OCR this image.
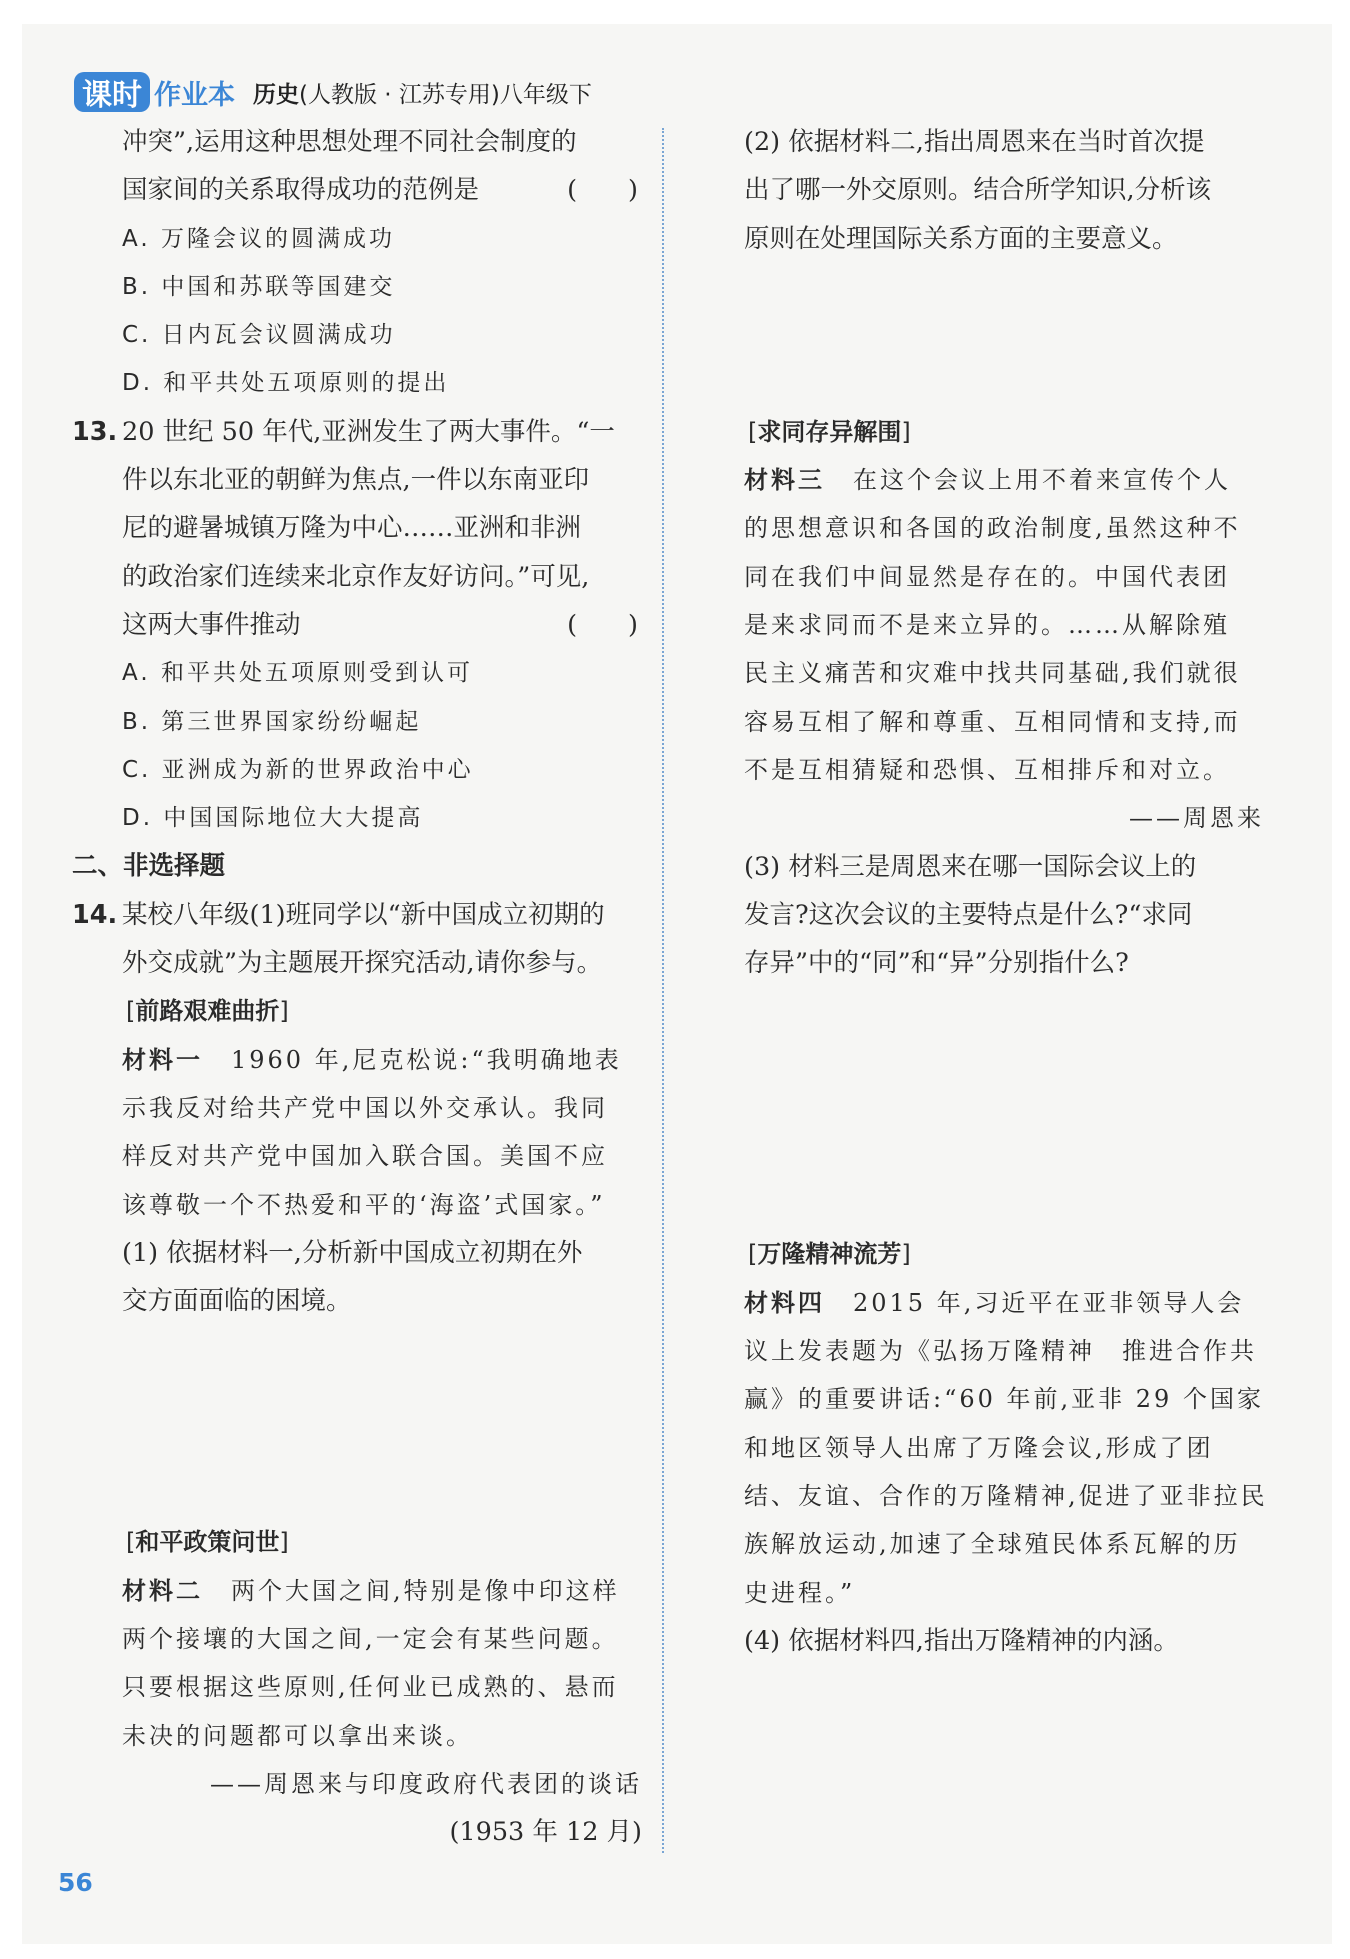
课时 作业本 历史(人教版 · 江苏专用)八年级下
冲突”,运用这种思想处理不同社会制度的
国家间的关系取得成功的范例是	(　　)
A. 万隆会议的圆满成功
B. 中国和苏联等国建交
C. 日内瓦会议圆满成功
D. 和平共处五项原则的提出
13. 20 世纪 50 年代,亚洲发生了两大事件。“一
件以东北亚的朝鲜为焦点,一件以东南亚印
尼的避暑城镇万隆为中心……亚洲和非洲
的政治家们连续来北京作友好访问。”可见,
这两大事件推动	(　　)
A. 和平共处五项原则受到认可
B. 第三世界国家纷纷崛起
C. 亚洲成为新的世界政治中心
D. 中国国际地位大大提高
二、非选择题
14. 某校八年级(1)班同学以“新中国成立初期的
外交成就”为主题展开探究活动,请你参与。
[ 前路艰难曲折 ]
材料一 1960 年,尼克松说:“我明确地表
示我反对给共产党中国以外交承认。我同
样反对共产党中国加入联合国。美国不应
该尊敬一个不热爱和平的‘海盗’式国家。”
(1) 依据材料一,分析新中国成立初期在外
交方面面临的困境。
[ 和平政策问世 ]
材料二 两个大国之间,特别是像中印这样
两个接壤的大国之间,一定会有某些问题。
只要根据这些原则,任何业已成熟的、悬而
未决的问题都可以拿出来谈。
——周恩来与印度政府代表团的谈话
(1953 年 12 月)
(2) 依据材料二,指出周恩来在当时首次提
出了哪一外交原则。结合所学知识,分析该
原则在处理国际关系方面的主要意义。
[ 求同存异解围 ]
材料三 在这个会议上用不着来宣传个人
的思想意识和各国的政治制度,虽然这种不
同在我们中间显然是存在的。中国代表团
是来求同而不是来立异的。……从解除殖
民主义痛苦和灾难中找共同基础,我们就很
容易互相了解和尊重、互相同情和支持,而
不是互相猜疑和恐惧、互相排斥和对立。
——周恩来
(3) 材料三是周恩来在哪一国际会议上的
发言?这次会议的主要特点是什么?“求同
存异”中的“同”和“异”分别指什么?
[ 万隆精神流芳 ]
材料四 2015 年,习近平在亚非领导人会
议上发表题为《弘扬万隆精神　推进合作共
赢》的重要讲话:“60 年前,亚非 29 个国家
和地区领导人出席了万隆会议,形成了团
结、友谊、合作的万隆精神,促进了亚非拉民
族解放运动,加速了全球殖民体系瓦解的历
史进程。”
(4) 依据材料四,指出万隆精神的内涵。
56
